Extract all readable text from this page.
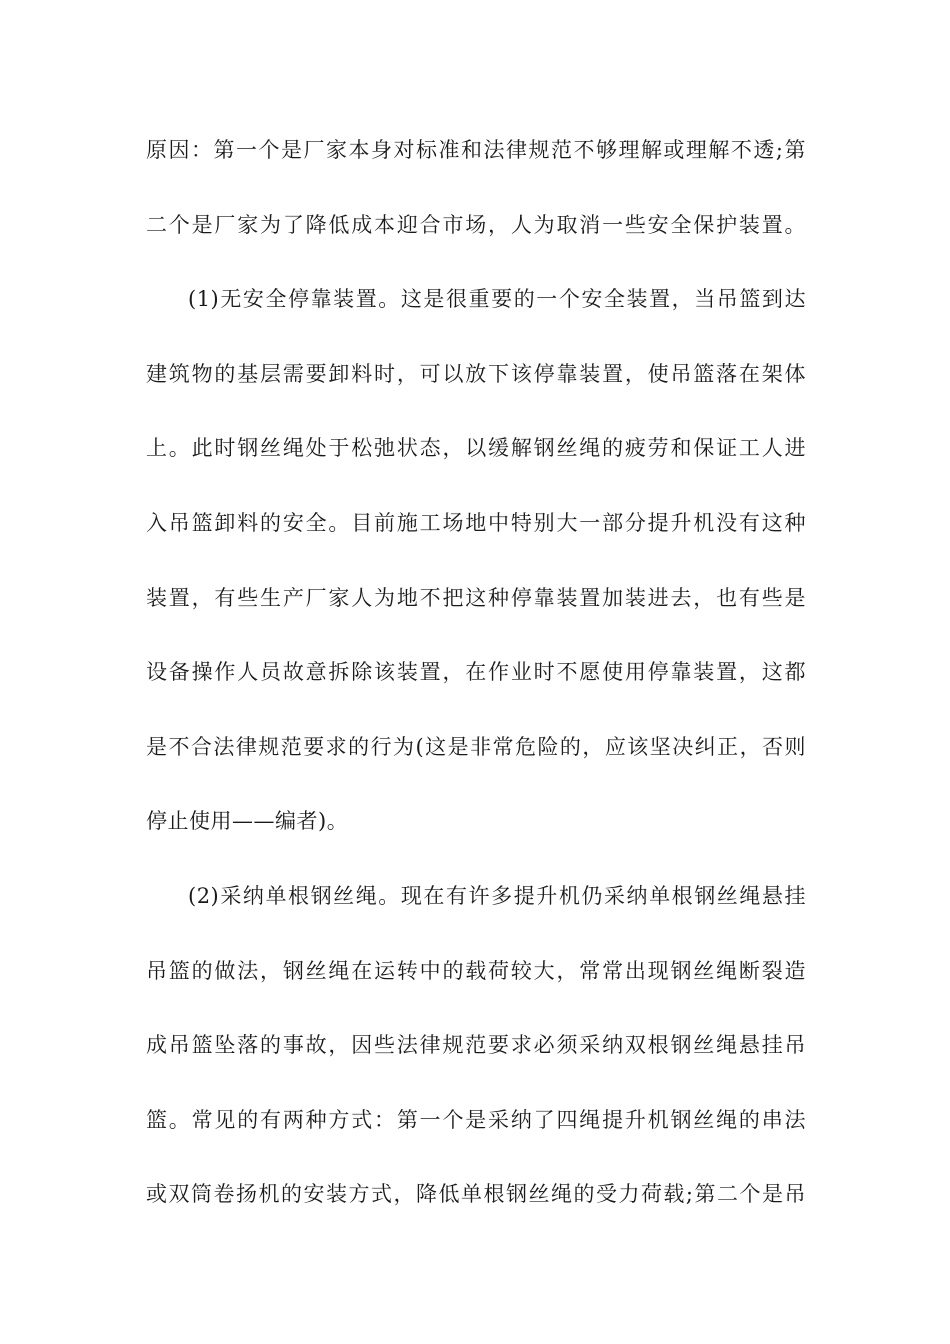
原因：第一个是厂家本身对标准和法律规范不够理解或理解不透;第
二个是厂家为了降低成本迎合市场，人为取消一些安全保护装置。
(1)无安全停靠装置。这是很重要的一个安全装置，当吊篮到达
建筑物的基层需要卸料时，可以放下该停靠装置，使吊篮落在架体
上。此时钢丝绳处于松弛状态，以缓解钢丝绳的疲劳和保证工人进
入吊篮卸料的安全。目前施工场地中特别大一部分提升机没有这种
装置，有些生产厂家人为地不把这种停靠装置加装进去，也有些是
设备操作人员故意拆除该装置，在作业时不愿使用停靠装置，这都
是不合法律规范要求的行为(这是非常危险的，应该坚决纠正，否则
停止使用——编者)。
(2)采纳单根钢丝绳。现在有许多提升机仍采纳单根钢丝绳悬挂
吊篮的做法，钢丝绳在运转中的载荷较大，常常出现钢丝绳断裂造
成吊篮坠落的事故，因些法律规范要求必须采纳双根钢丝绳悬挂吊
篮。常见的有两种方式：第一个是采纳了四绳提升机钢丝绳的串法
或双筒卷扬机的安装方式，降低单根钢丝绳的受力荷载;第二个是吊
